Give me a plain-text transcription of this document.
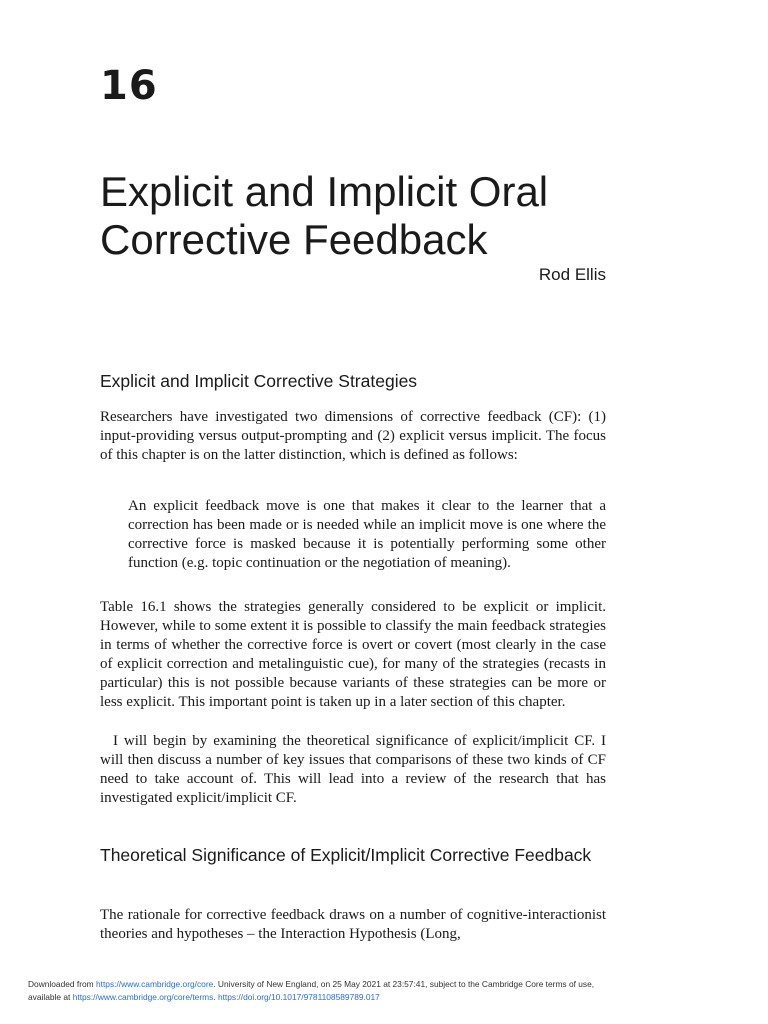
16
Explicit and Implicit Oral Corrective Feedback
Rod Ellis
Explicit and Implicit Corrective Strategies

Researchers have investigated two dimensions of corrective feedback (CF): (1) input-providing versus output-prompting and (2) explicit versus implicit. The focus of this chapter is on the latter distinction, which is defined as follows:

An explicit feedback move is one that makes it clear to the learner that a correction has been made or is needed while an implicit move is one where the corrective force is masked because it is potentially performing some other function (e.g. topic continuation or the negotiation of meaning).

Table 16.1 shows the strategies generally considered to be explicit or implicit. However, while to some extent it is possible to classify the main feedback strategies in terms of whether the corrective force is overt or covert (most clearly in the case of explicit correction and metalinguistic cue), for many of the strategies (recasts in particular) this is not possible because variants of these strategies can be more or less explicit. This important point is taken up in a later section of this chapter.

I will begin by examining the theoretical significance of explicit/implicit CF. I will then discuss a number of key issues that comparisons of these two kinds of CF need to take account of. This will lead into a review of the research that has investigated explicit/implicit CF.

Theoretical Significance of Explicit/Implicit Corrective Feedback

The rationale for corrective feedback draws on a number of cognitive-interactionist theories and hypotheses – the Interaction Hypothesis (Long,

Downloaded from https://www.cambridge.org/core. University of New England, on 25 May 2021 at 23:57:41, subject to the Cambridge Core terms of use,
available at https://www.cambridge.org/core/terms. https://doi.org/10.1017/9781108589789.017
